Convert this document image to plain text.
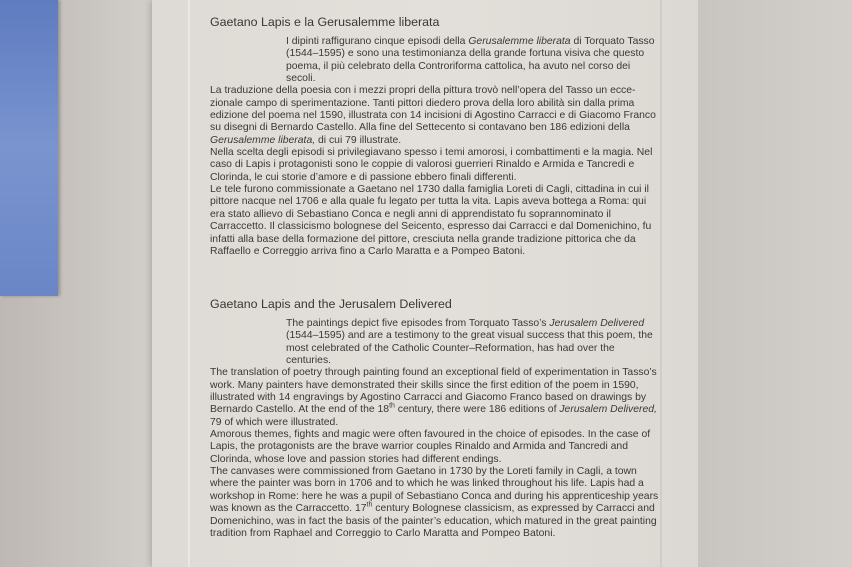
Gaetano Lapis e la Gerusalemme liberata

I dipinti raffigurano cinque episodi della Gerusalemme liberata di Torquato Tasso (1544–1595) e sono una testimonianza della grande fortuna visiva che questo poema, il più celebrato della Controriforma cattolica, ha avuto nel corso dei secoli.

La traduzione della poesia con i mezzi propri della pittura trovò nell’opera del Tasso un eccezionale campo di sperimentazione. Tanti pittori diedero prova della loro abilità sin dalla prima edizione del poema nel 1590, illustrata con 14 incisioni di Agostino Carracci e di Giacomo Franco su disegni di Bernardo Castello. Alla fine del Settecento si contavano ben 186 edizioni della Gerusalemme liberata, di cui 79 illustrate.

Nella scelta degli episodi si privilegiavano spesso i temi amorosi, i combattimenti e la magia. Nel caso di Lapis i protagonisti sono le coppie di valorosi guerrieri Rinaldo e Armida e Tancredi e Clorinda, le cui storie d’amore e di passione ebbero finali differenti.

Le tele furono commissionate a Gaetano nel 1730 dalla famiglia Loreti di Cagli, cittadina in cui il pittore nacque nel 1706 e alla quale fu legato per tutta la vita. Lapis aveva bottega a Roma: qui era stato allievo di Sebastiano Conca e negli anni di apprendistato fu soprannominato il Carraccetto. Il classicismo bolognese del Seicento, espresso dai Carracci e dal Domenichino, fu infatti alla base della formazione del pittore, cresciuta nella grande tradizione pittorica che da Raffaello e Correggio arriva fino a Carlo Maratta e a Pompeo Batoni.

Gaetano Lapis and the Jerusalem Delivered

The paintings depict five episodes from Torquato Tasso’s Jerusalem Delivered (1544–1595) and are a testimony to the great visual success that this poem, the most celebrated of the Catholic Counter–Reformation, has had over the centuries.

The translation of poetry through painting found an exceptional field of experimentation in Tasso’s work. Many painters have demonstrated their skills since the first edition of the poem in 1590, illustrated with 14 engravings by Agostino Carracci and Giacomo Franco based on drawings by Bernardo Castello. At the end of the 18th century, there were 186 editions of Jerusalem Delivered, 79 of which were illustrated.

Amorous themes, fights and magic were often favoured in the choice of episodes. In the case of Lapis, the protagonists are the brave warrior couples Rinaldo and Armida and Tancredi and Clorinda, whose love and passion stories had different endings.

The canvases were commissioned from Gaetano in 1730 by the Loreti family in Cagli, a town where the painter was born in 1706 and to which he was linked throughout his life. Lapis had a workshop in Rome: here he was a pupil of Sebastiano Conca and during his apprenticeship years was known as the Carraccetto. 17th century Bolognese classicism, as expressed by Carracci and Domenichino, was in fact the basis of the painter’s education, which matured in the great painting tradition from Raphael and Correggio to Carlo Maratta and Pompeo Batoni.
